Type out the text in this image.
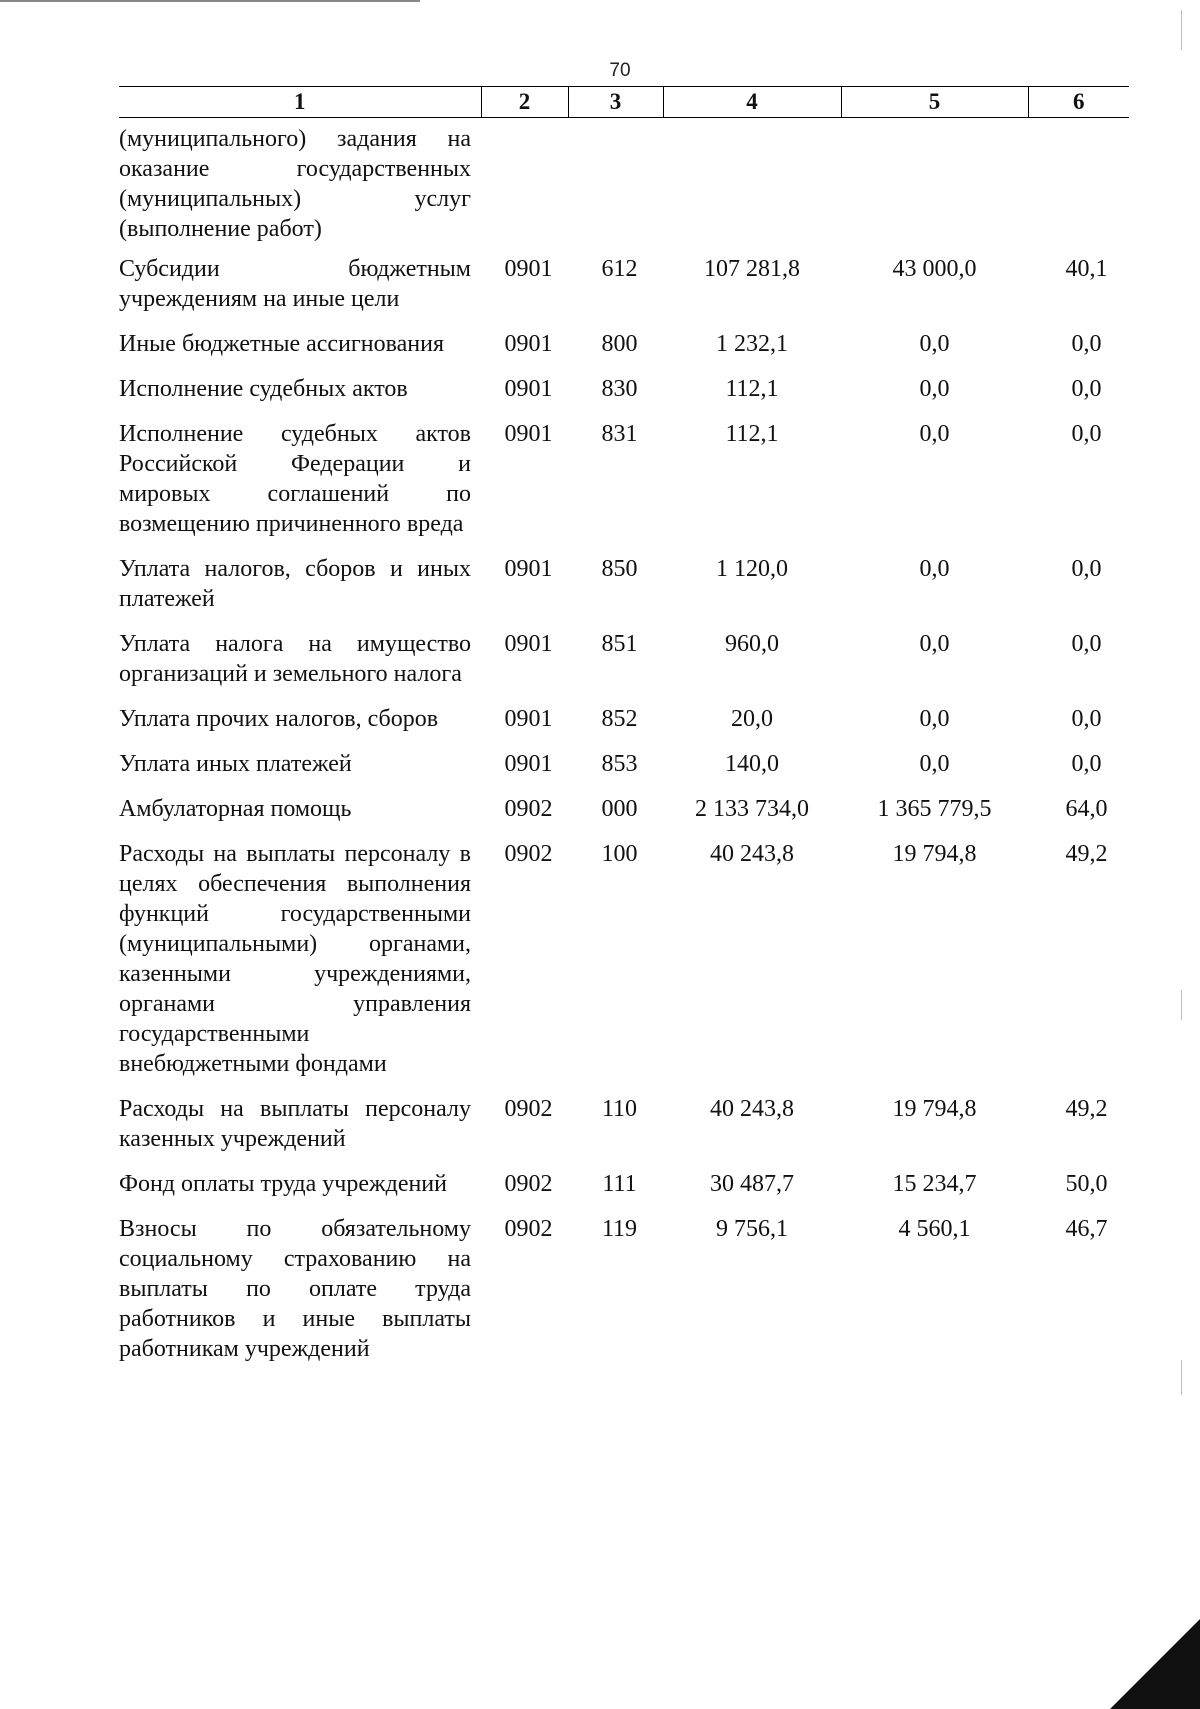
70
1	2	3	4	5	6
(муниципального) задания на оказание государственных (муниципальных) услуг (выполнение работ)					
Субсидии бюджетным учреждениям на иные цели	0901	612	107 281,8	43 000,0	40,1
Иные бюджетные ассигнования	0901	800	1 232,1	0,0	0,0
Исполнение судебных актов	0901	830	112,1	0,0	0,0
Исполнение судебных актов Российской Федерации и мировых соглашений по возмещению причиненного вреда	0901	831	112,1	0,0	0,0
Уплата налогов, сборов и иных платежей	0901	850	1 120,0	0,0	0,0
Уплата налога на имущество организаций и земельного налога	0901	851	960,0	0,0	0,0
Уплата прочих налогов, сборов	0901	852	20,0	0,0	0,0
Уплата иных платежей	0901	853	140,0	0,0	0,0
Амбулаторная помощь	0902	000	2 133 734,0	1 365 779,5	64,0
Расходы на выплаты персоналу в целях обеспечения выполнения функций государственными (муниципальными) органами, казенными учреждениями, органами управления государственными внебюджетными фондами	0902	100	40 243,8	19 794,8	49,2
Расходы на выплаты персоналу казенных учреждений	0902	110	40 243,8	19 794,8	49,2
Фонд оплаты труда учреждений	0902	111	30 487,7	15 234,7	50,0
Взносы по обязательному социальному страхованию на выплаты по оплате труда работников и иные выплаты работникам учреждений	0902	119	9 756,1	4 560,1	46,7
